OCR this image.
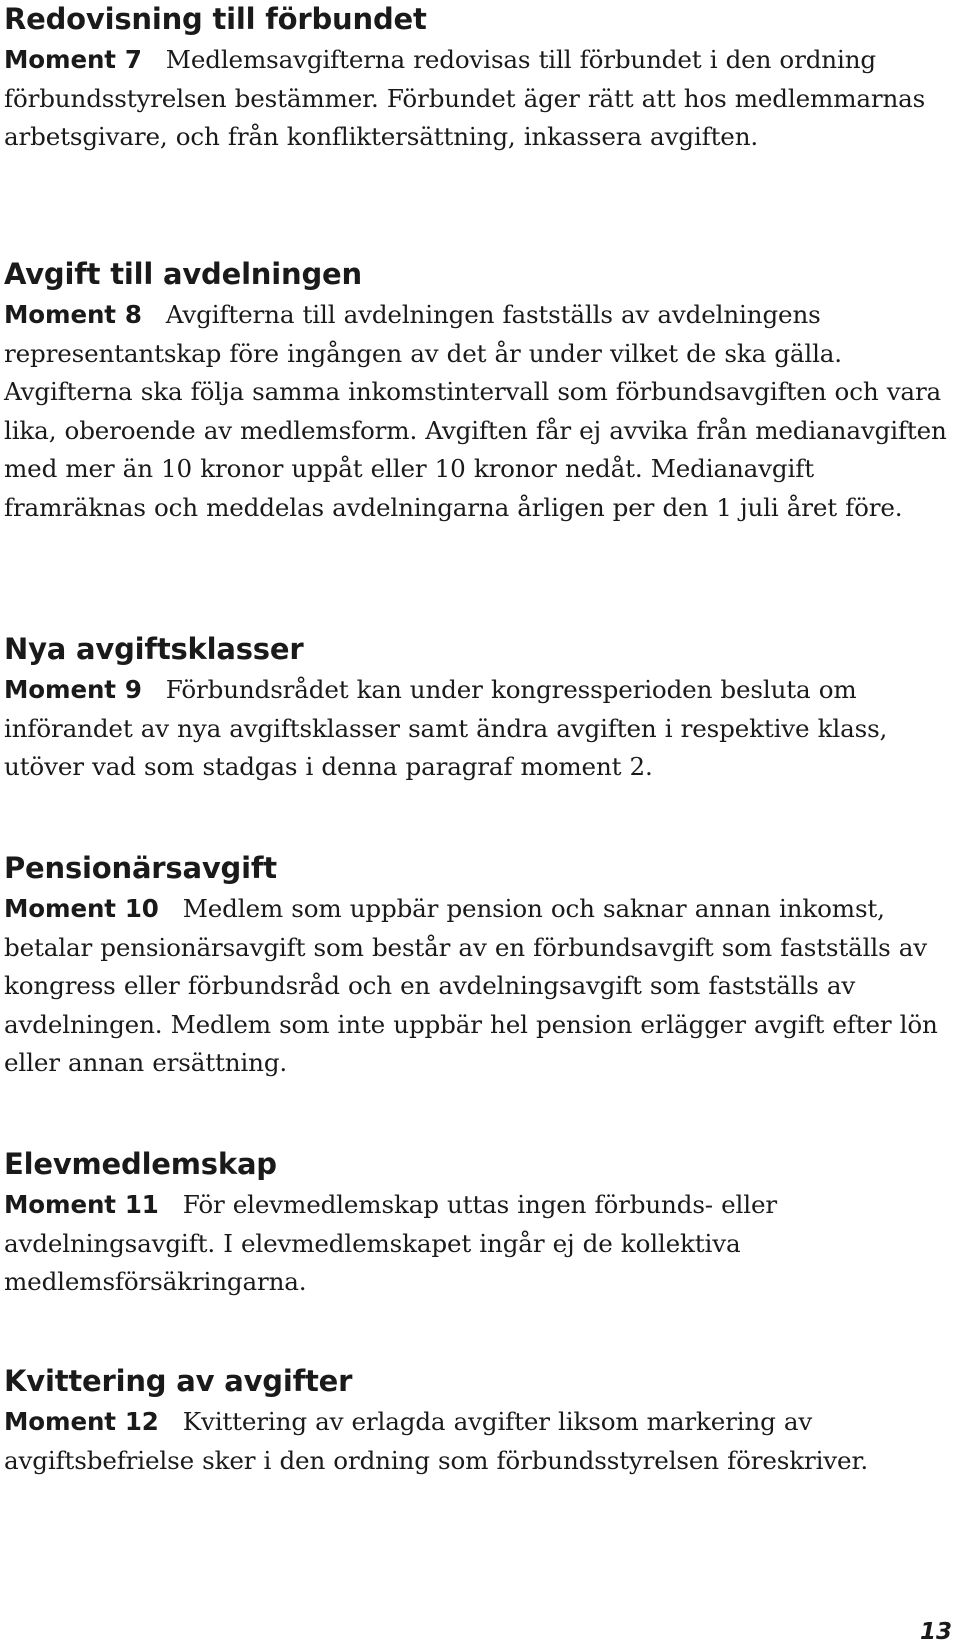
Redovisning till förbundet

Moment 7 Medlemsavgifterna redovisas till förbundet i den ordning förbundsstyrelsen bestämmer. Förbundet äger rätt att hos medlemmarnas arbetsgivare, och från konfliktersättning, inkassera avgiften.

Avgift till avdelningen

Moment 8 Avgifterna till avdelningen fastställs av avdelningens representantskap före ingången av det år under vilket de ska gälla. Avgifterna ska följa samma inkomstintervall som förbundsavgiften och vara lika, oberoende av medlemsform. Avgiften får ej avvika från medianavgiften med mer än 10 kronor uppåt eller 10 kronor nedåt. Medianavgift framräknas och meddelas avdelningarna årligen per den 1 juli året före.

Nya avgiftsklasser

Moment 9 Förbundsrådet kan under kongressperioden besluta om införandet av nya avgiftsklasser samt ändra avgiften i respektive klass, utöver vad som stadgas i denna paragraf moment 2.

Pensionärsavgift

Moment 10 Medlem som uppbär pension och saknar annan inkomst, betalar pensionärsavgift som består av en förbundsavgift som fastställs av kongress eller förbundsråd och en avdelningsavgift som fastställs av avdelningen. Medlem som inte uppbär hel pension erlägger avgift efter lön eller annan ersättning.

Elevmedlemskap

Moment 11 För elevmedlemskap uttas ingen förbunds- eller avdelningsavgift. I elevmedlemskapet ingår ej de kollektiva medlemsförsäkringarna.

Kvittering av avgifter

Moment 12 Kvittering av erlagda avgifter liksom markering av avgiftsbefrielse sker i den ordning som förbundsstyrelsen föreskriver.

13
